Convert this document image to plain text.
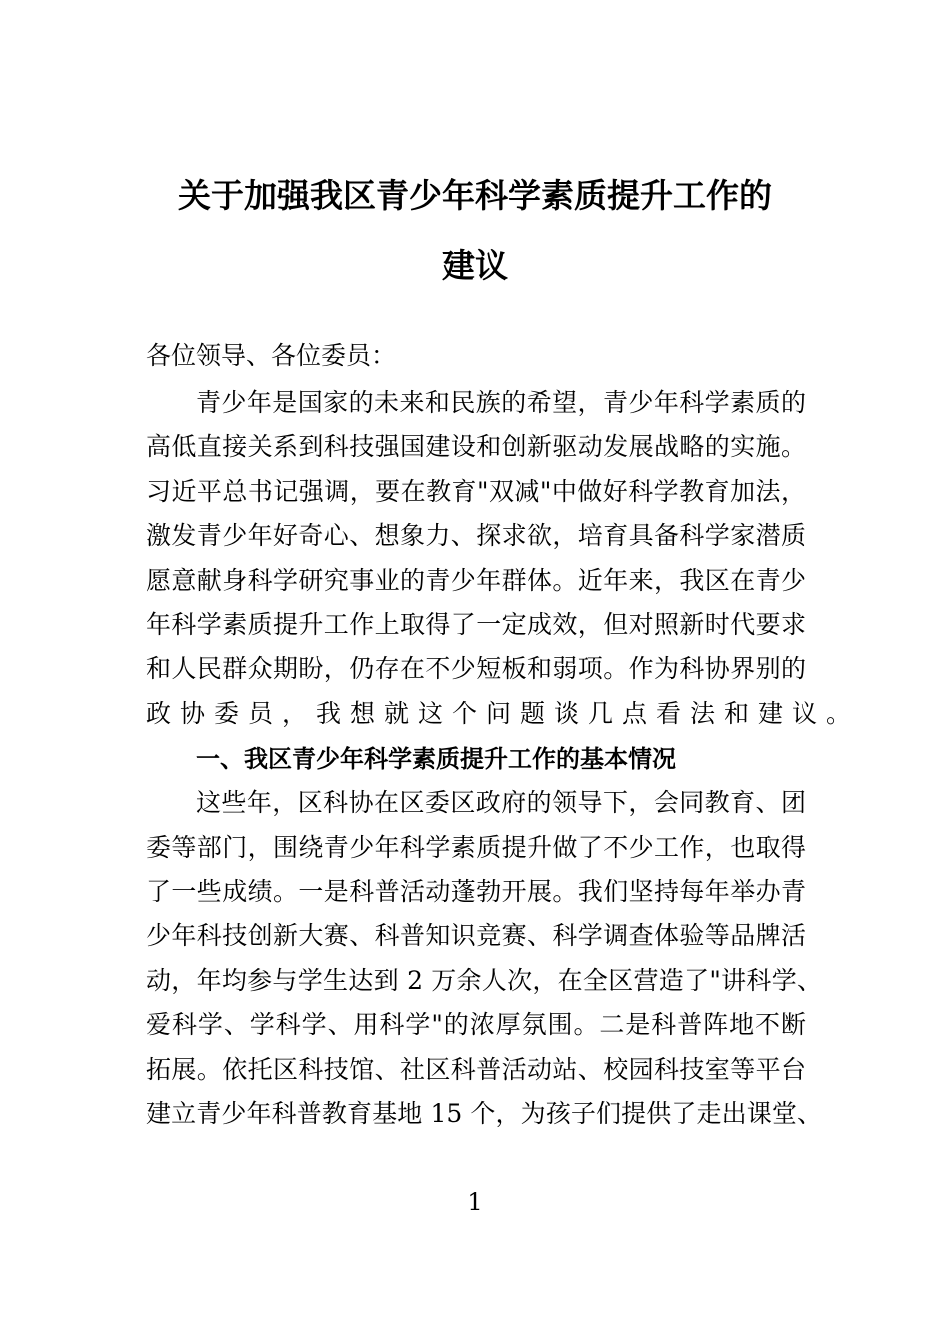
关于加强我区青少年科学素质提升工作的
建议
各位领导、各位委员：
青少年是国家的未来和民族的希望，青少年科学素质的
高低直接关系到科技强国建设和创新驱动发展战略的实施。
习近平总书记强调，要在教育"双减"中做好科学教育加法，
激发青少年好奇心、想象力、探求欲，培育具备科学家潜质
愿意献身科学研究事业的青少年群体。近年来，我区在青少
年科学素质提升工作上取得了一定成效，但对照新时代要求
和人民群众期盼，仍存在不少短板和弱项。作为科协界别的
政协委员，我想就这个问题谈几点看法和建议。
一、我区青少年科学素质提升工作的基本情况
这些年，区科协在区委区政府的领导下，会同教育、团
委等部门，围绕青少年科学素质提升做了不少工作，也取得
了一些成绩。一是科普活动蓬勃开展。我们坚持每年举办青
少年科技创新大赛、科普知识竞赛、科学调查体验等品牌活
动，年均参与学生达到 2 万余人次，在全区营造了"讲科学、
爱科学、学科学、用科学"的浓厚氛围。二是科普阵地不断
拓展。依托区科技馆、社区科普活动站、校园科技室等平台
建立青少年科普教育基地 15 个，为孩子们提供了走出课堂、
1
